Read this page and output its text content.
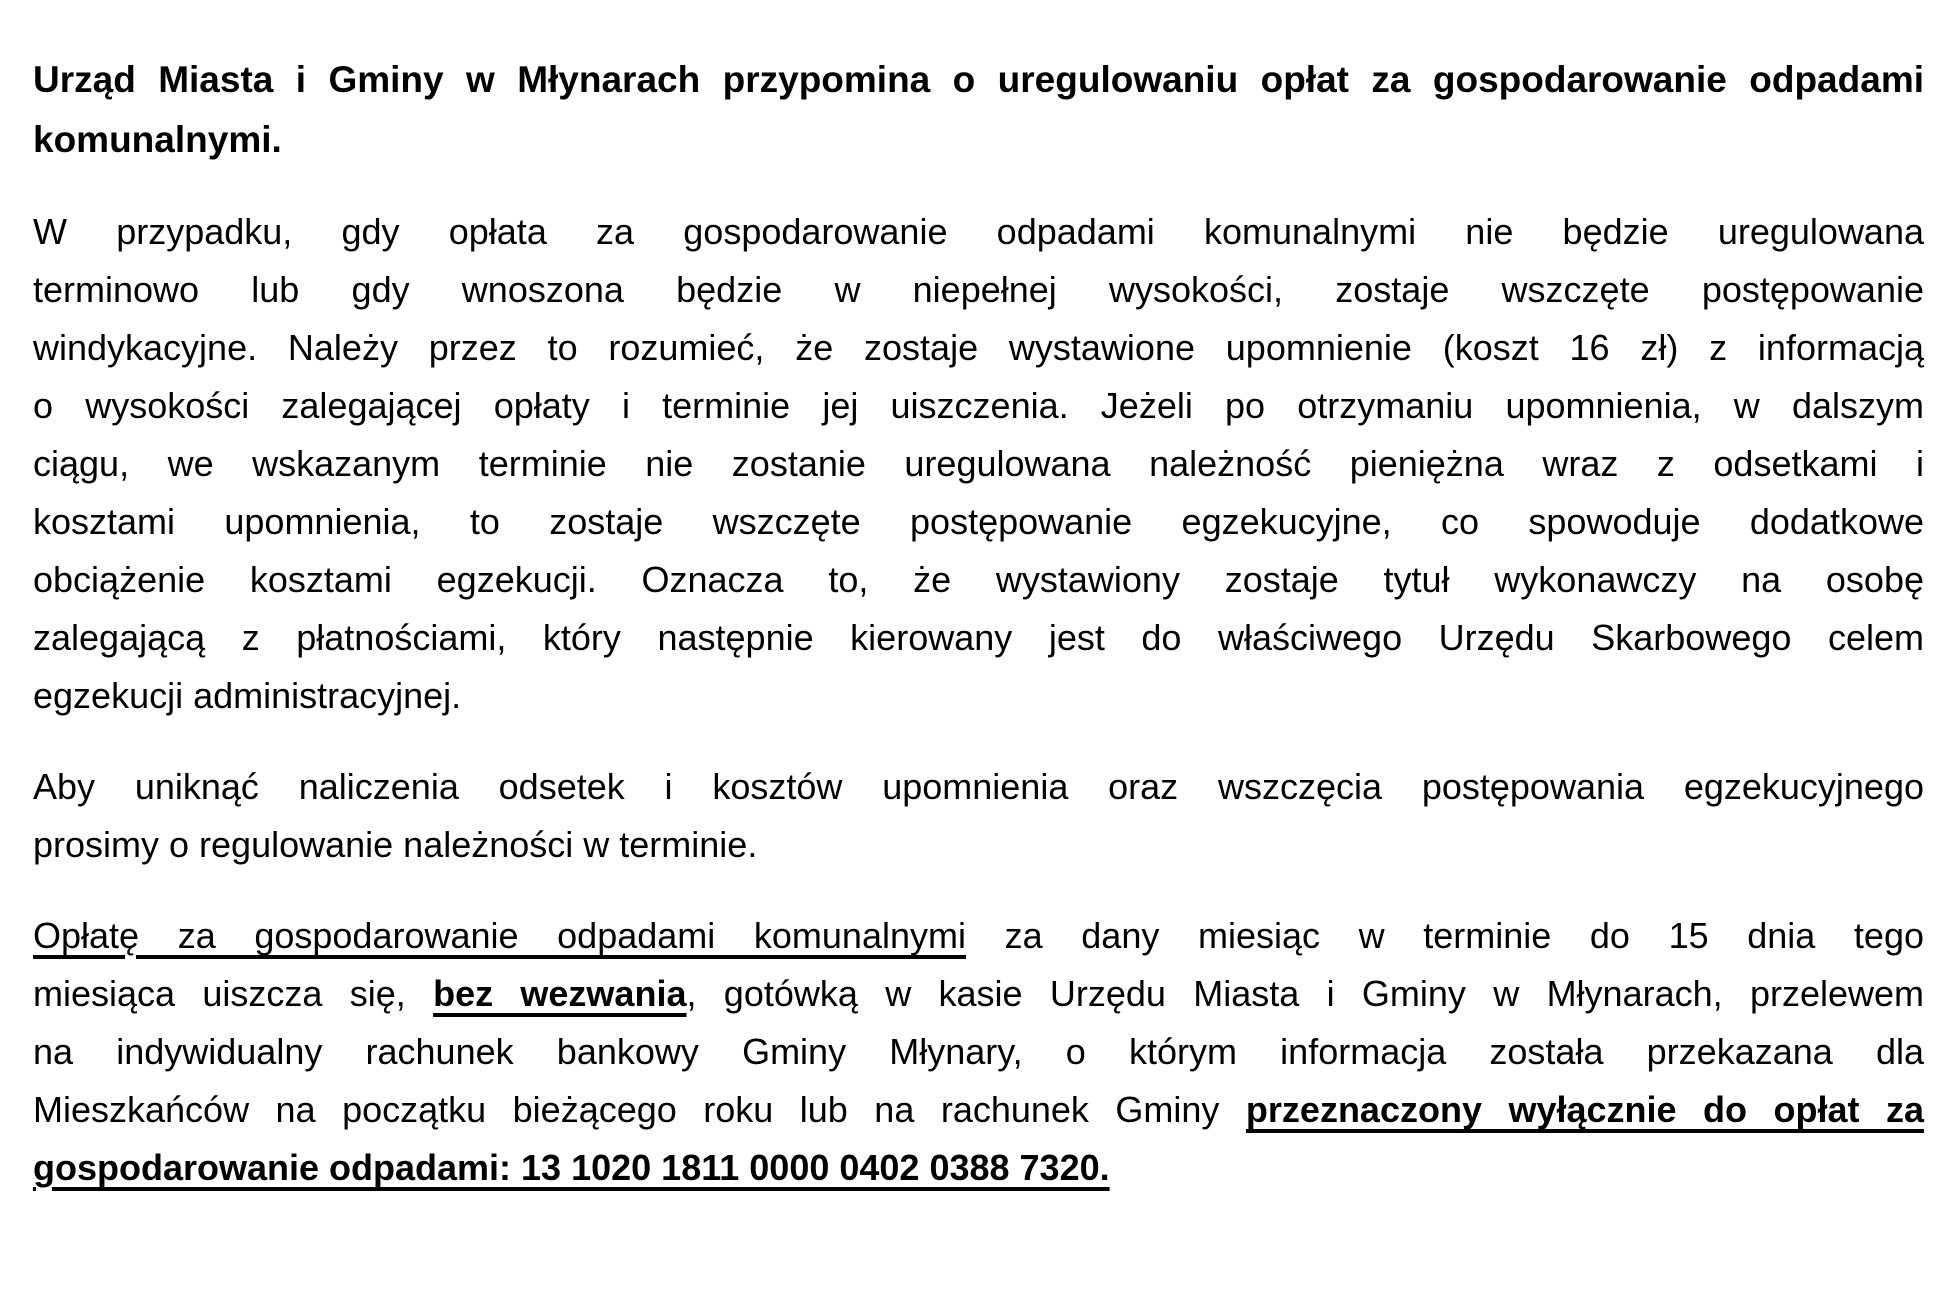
Urząd Miasta i Gminy w Młynarach przypomina o uregulowaniu opłat za gospodarowanie odpadami
komunalnymi.
W przypadku, gdy opłata za gospodarowanie odpadami komunalnymi nie będzie uregulowana
terminowo lub gdy wnoszona będzie w niepełnej wysokości, zostaje wszczęte postępowanie
windykacyjne. Należy przez to rozumieć, że zostaje wystawione upomnienie (koszt 16 zł) z informacją
o wysokości zalegającej opłaty i terminie jej uiszczenia. Jeżeli po otrzymaniu upomnienia, w dalszym
ciągu, we wskazanym terminie nie zostanie uregulowana należność pieniężna wraz z odsetkami i
kosztami upomnienia, to zostaje wszczęte postępowanie egzekucyjne, co spowoduje dodatkowe
obciążenie kosztami egzekucji. Oznacza to, że wystawiony zostaje tytuł wykonawczy na osobę
zalegającą z płatnościami, który następnie kierowany jest do właściwego Urzędu Skarbowego celem
egzekucji administracyjnej.
Aby uniknąć naliczenia odsetek i kosztów upomnienia oraz wszczęcia postępowania egzekucyjnego
prosimy o regulowanie należności w terminie.
Opłatę za gospodarowanie odpadami komunalnymi za dany miesiąc w terminie do 15 dnia tego
miesiąca uiszcza się, bez wezwania, gotówką w kasie Urzędu Miasta i Gminy w Młynarach, przelewem
na indywidualny rachunek bankowy Gminy Młynary, o którym informacja została przekazana dla
Mieszkańców na początku bieżącego roku lub na rachunek Gminy przeznaczony wyłącznie do opłat za
gospodarowanie odpadami: 13 1020 1811 0000 0402 0388 7320.
